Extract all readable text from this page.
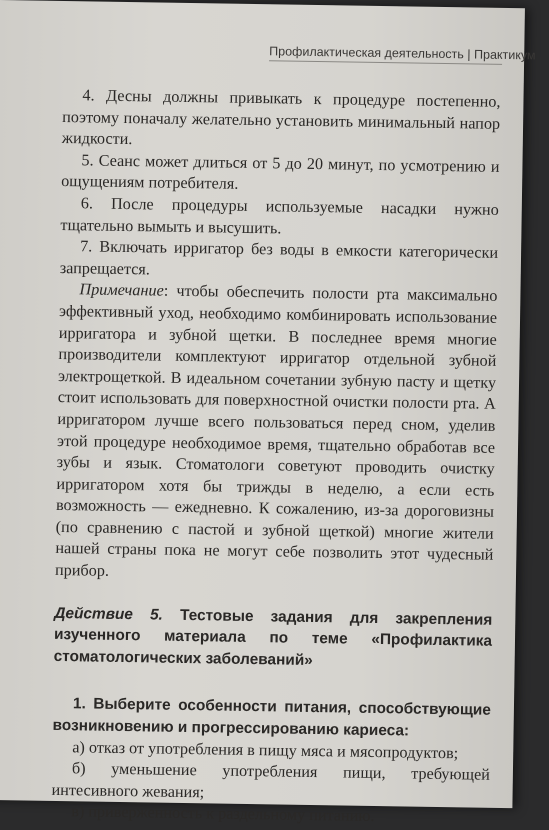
Профилактическая деятельность | Практикум

4. Десны должны привыкать к процедуре постепенно, поэтому поначалу желательно установить минимальный напор жидкости.

5. Сеанс может длиться от 5 до 20 минут, по усмотрению и ощущениям потребителя.

6. После процедуры используемые насадки нужно тщательно вымыть и высушить.

7. Включать ирригатор без воды в емкости категорически запрещается.

Примечание: чтобы обеспечить полости рта максимально эффективный уход, необходимо комбинировать использование ирригатора и зубной щетки. В последнее время многие производители комплектуют ирригатор отдельной зубной электрощеткой. В идеальном сочетании зубную пасту и щетку стоит использовать для поверхностной очистки полости рта. А ирригатором лучше всего пользоваться перед сном, уделив этой процедуре необходимое время, тщательно обработав все зубы и язык. Стоматологи советуют проводить очистку ирригатором хотя бы трижды в неделю, а если есть возможность — ежедневно. К сожалению, из-за дороговизны (по сравнению с пастой и зубной щеткой) многие жители нашей страны пока не могут себе позволить этот чудесный прибор.

Действие 5. Тестовые задания для закрепления изученного материала по теме «Профилактика стоматологических заболеваний»

1. Выберите особенности питания, способствующие возникновению и прогрессированию кариеса:

а) отказ от употребления в пищу мяса и мясопродуктов;

б) уменьшение употребления пищи, требующей интесивного жевания;

в) приверженность к раздельному питанию.
